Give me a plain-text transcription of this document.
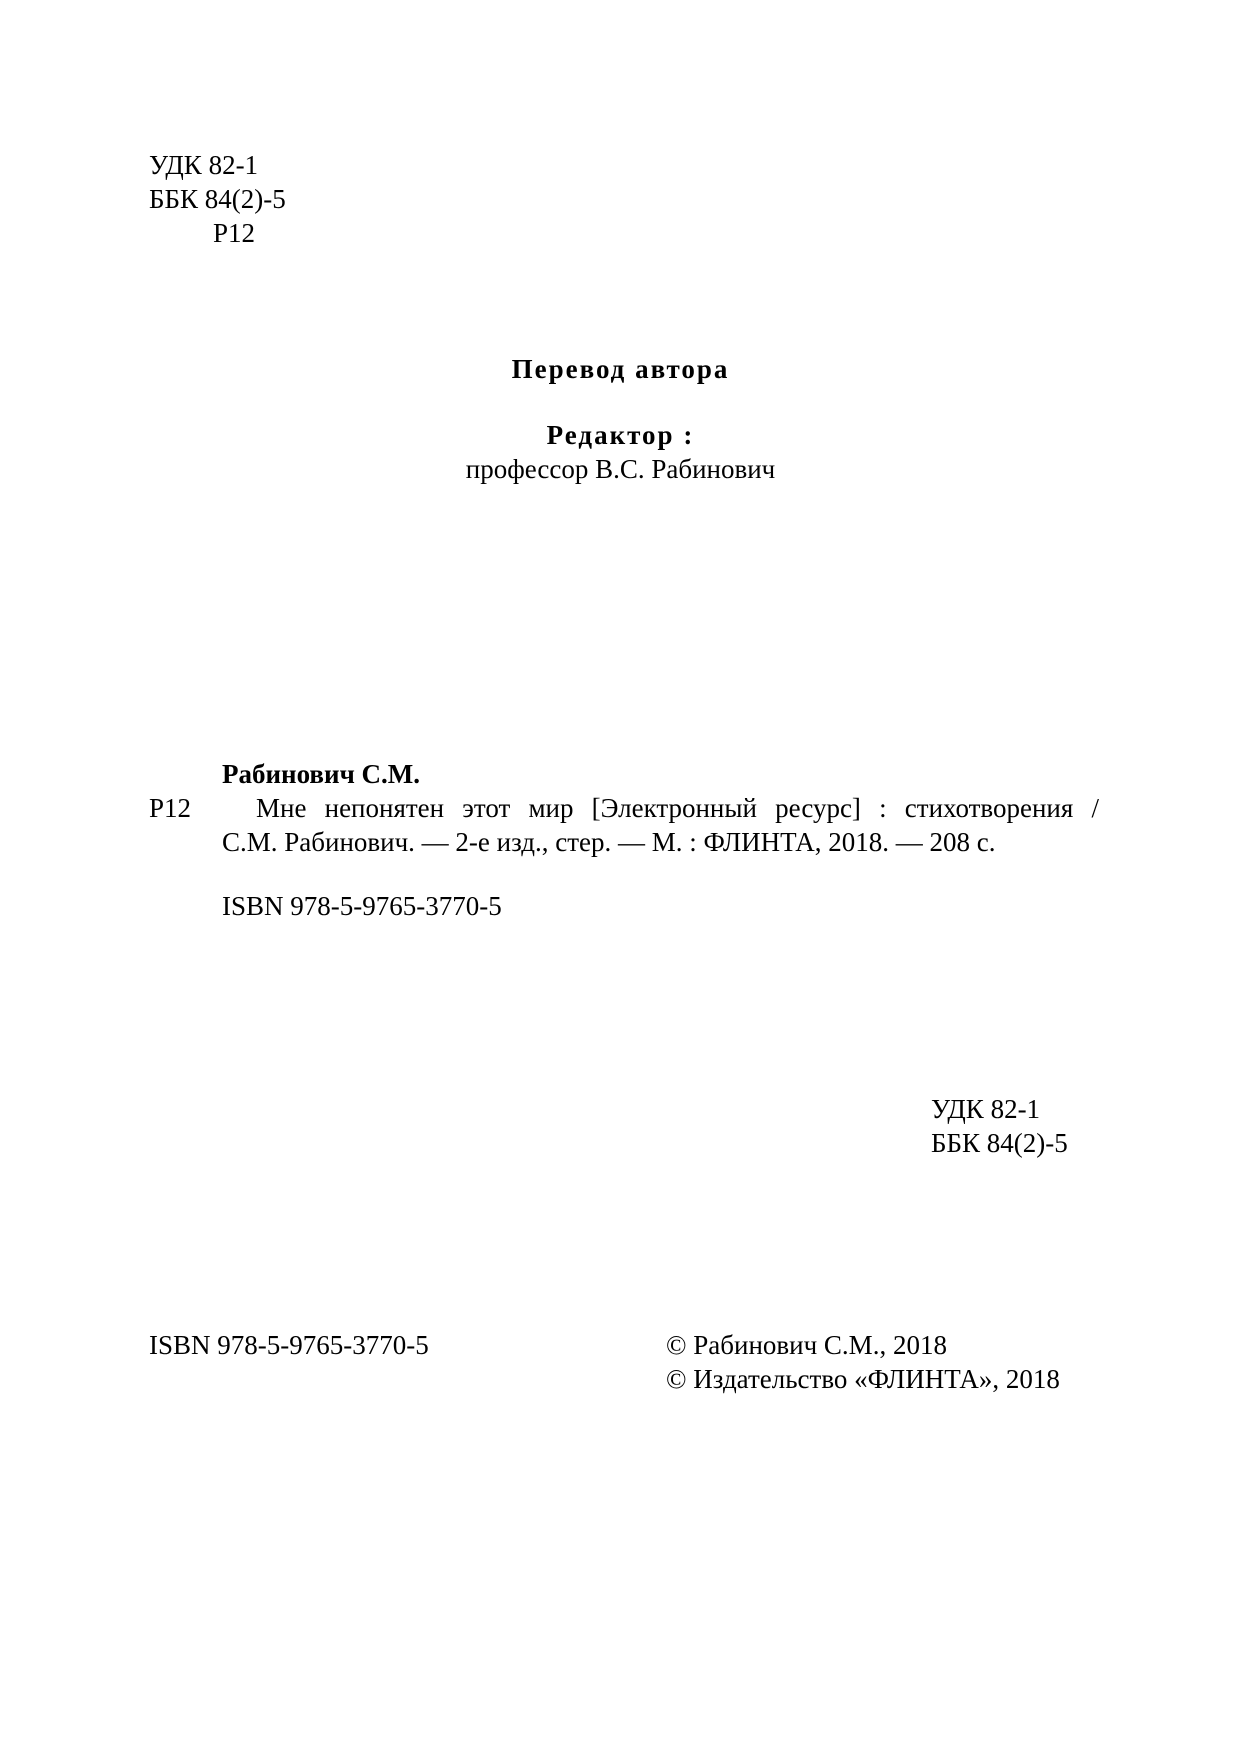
УДК 82-1
ББК 84(2)-5
Р12
Перевод автора
Редактор :
профессор В.С. Рабинович
Рабинович С.М.
Р12 Мне непонятен этот мир [Электронный ресурс] : стихотворения /
С.М. Рабинович. — 2-е изд., стер. — М. : ФЛИНТА, 2018. — 208 с.
ISBN 978-5-9765-3770-5
УДК 82-1
ББК 84(2)-5
ISBN 978-5-9765-3770-5	© Рабинович С.М., 2018
© Издательство «ФЛИНТА», 2018
